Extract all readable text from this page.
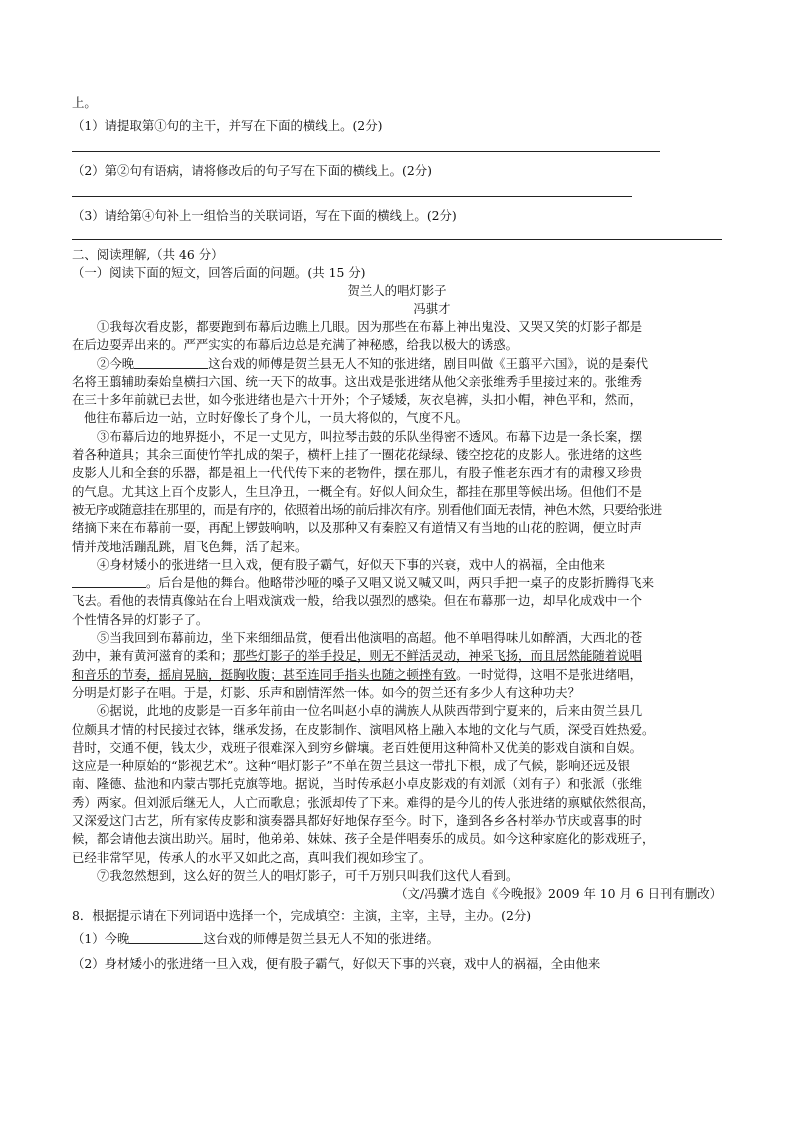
上。

（1）请提取第①句的主干，并写在下面的横线上。(2分)

（2）第②句有语病，请将修改后的句子写在下面的横线上。(2分)

（3）请给第④句补上一组恰当的关联词语，写在下面的横线上。(2分)

二、阅读理解,（共 46 分）

（一）阅读下面的短文，回答后面的问题。(共 15 分)

贺兰人的唱灯影子

冯骐才

①我每次看皮影，都要跑到布幕后边瞧上几眼。因为那些在布幕上神出鬼没、又哭又笑的灯影子都是
在后边耍弄出来的。严严实实的布幕后边总是充满了神秘感，给我以极大的诱惑。
②今晚	这台戏的师傅是贺兰县无人不知的张进绪，剧目叫做《王翦平六国》，说的是秦代
名将王翦辅助秦始皇横扫六国、统一天下的故事。这出戏是张进绪从他父亲张维秀手里接过来的。张维秀
在三十多年前就已去世，如今张进绪也是六十开外；个子矮矮，灰衣皂裤，头扣小帽，神色平和，然而，
他往布幕后边一站，立时好像长了身个儿，一员大将似的，气度不凡。
③布幕后边的地界挺小，不足一丈见方，叫拉琴击鼓的乐队坐得密不透风。布幕下边是一条长案，摆
着各种道具；其余三面使竹竿扎成的架子，横杆上挂了一圈花花绿绿、镂空挖花的皮影人。张进绪的这些
皮影人儿和全套的乐器，都是祖上一代代传下来的老物件，摆在那儿，有股子惟老东西才有的肃穆又珍贵
的气息。尤其这上百个皮影人，生旦净丑，一概全有。好似人间众生，都挂在那里等候出场。但他们不是
被无序或随意挂在那里的，而是有序的，依照着出场的前后排次有序。别看他们面无表情，神色木然，只要给张进
绪摘下来在布幕前一耍，再配上锣鼓响呐，以及那种又有秦腔又有道情又有当地的山花的腔调，便立时声
情并茂地活蹦乱跳，眉飞色舞，活了起来。
④身材矮小的张进绪一旦入戏，便有股子霸气，好似天下事的兴衰，戏中人的祸福，全由他来
。后台是他的舞台。他略带沙哑的嗓子又唱又说又喊又叫，两只手把一桌子的皮影折腾得飞来
飞去。看他的表情真像站在台上唱戏演戏一般，给我以强烈的感染。但在布幕那一边，却早化成戏中一个
个性情各异的灯影子了。
⑤当我回到布幕前边，坐下来细细品赏，便看出他演唱的高超。他不单唱得味儿如醉酒，大西北的苍
劲中，兼有黄河滋育的柔和；那些灯影子的举手投足，则无不鲜活灵动，神采飞扬，而且居然能随着说唱
和音乐的节奏，摇肩晃脑，挺胸收腹；甚至连同手指头也随之顿挫有致。一时觉得，这唱不是张进绪唱，
分明是灯影子在唱。于是，灯影、乐声和剧情浑然一体。如今的贺兰还有多少人有这种功夫？
⑥据说，此地的皮影是一百多年前由一位名叫赵小卓的满族人从陕西带到宁夏来的，后来由贺兰县几
位颇具才情的村民接过衣钵，继承发扬，在皮影制作、演唱风格上融入本地的文化与气质，深受百姓热爱。
昔时，交通不便，钱太少，戏班子很难深入到穷乡僻壤。老百姓便用这种简朴又优美的影戏自演和自娱。
这应是一种原始的“影视艺术”。这种“唱灯影子”不单在贺兰县这一带扎下根，成了气候，影响还远及银
南、隆德、盐池和内蒙古鄂托克旗等地。据说，当时传承赵小卓皮影戏的有刘派（刘有子）和张派（张维
秀）两家。但刘派后继无人，人亡而歌息；张派却传了下来。难得的是今儿的传人张进绪的禀赋依然很高，
又深爱这门古艺，所有家传皮影和演奏器具都好好地保存至今。时下，逢到各乡各村举办节庆或喜事的时
候，都会请他去演出助兴。届时，他弟弟、妹妹、孩子全是伴唱奏乐的成员。如今这种家庭化的影戏班子，
已经非常罕见，传承人的水平又如此之高，真叫我们视如珍宝了。
⑦我忽然想到，这么好的贺兰人的唱灯影子，可千万别只叫我们这代人看到。
（文/冯骥才选自《今晚报》2009 年 10 月 6 日刊有删改）

8．根据提示请在下列词语中选择一个，完成填空：主演，主宰，主导，主办。(2分)

（1）今晚	这台戏的师傅是贺兰县无人不知的张进绪。

（2）身材矮小的张进绪一旦入戏，便有股子霸气，好似天下事的兴衰，戏中人的祸福，全由他来
